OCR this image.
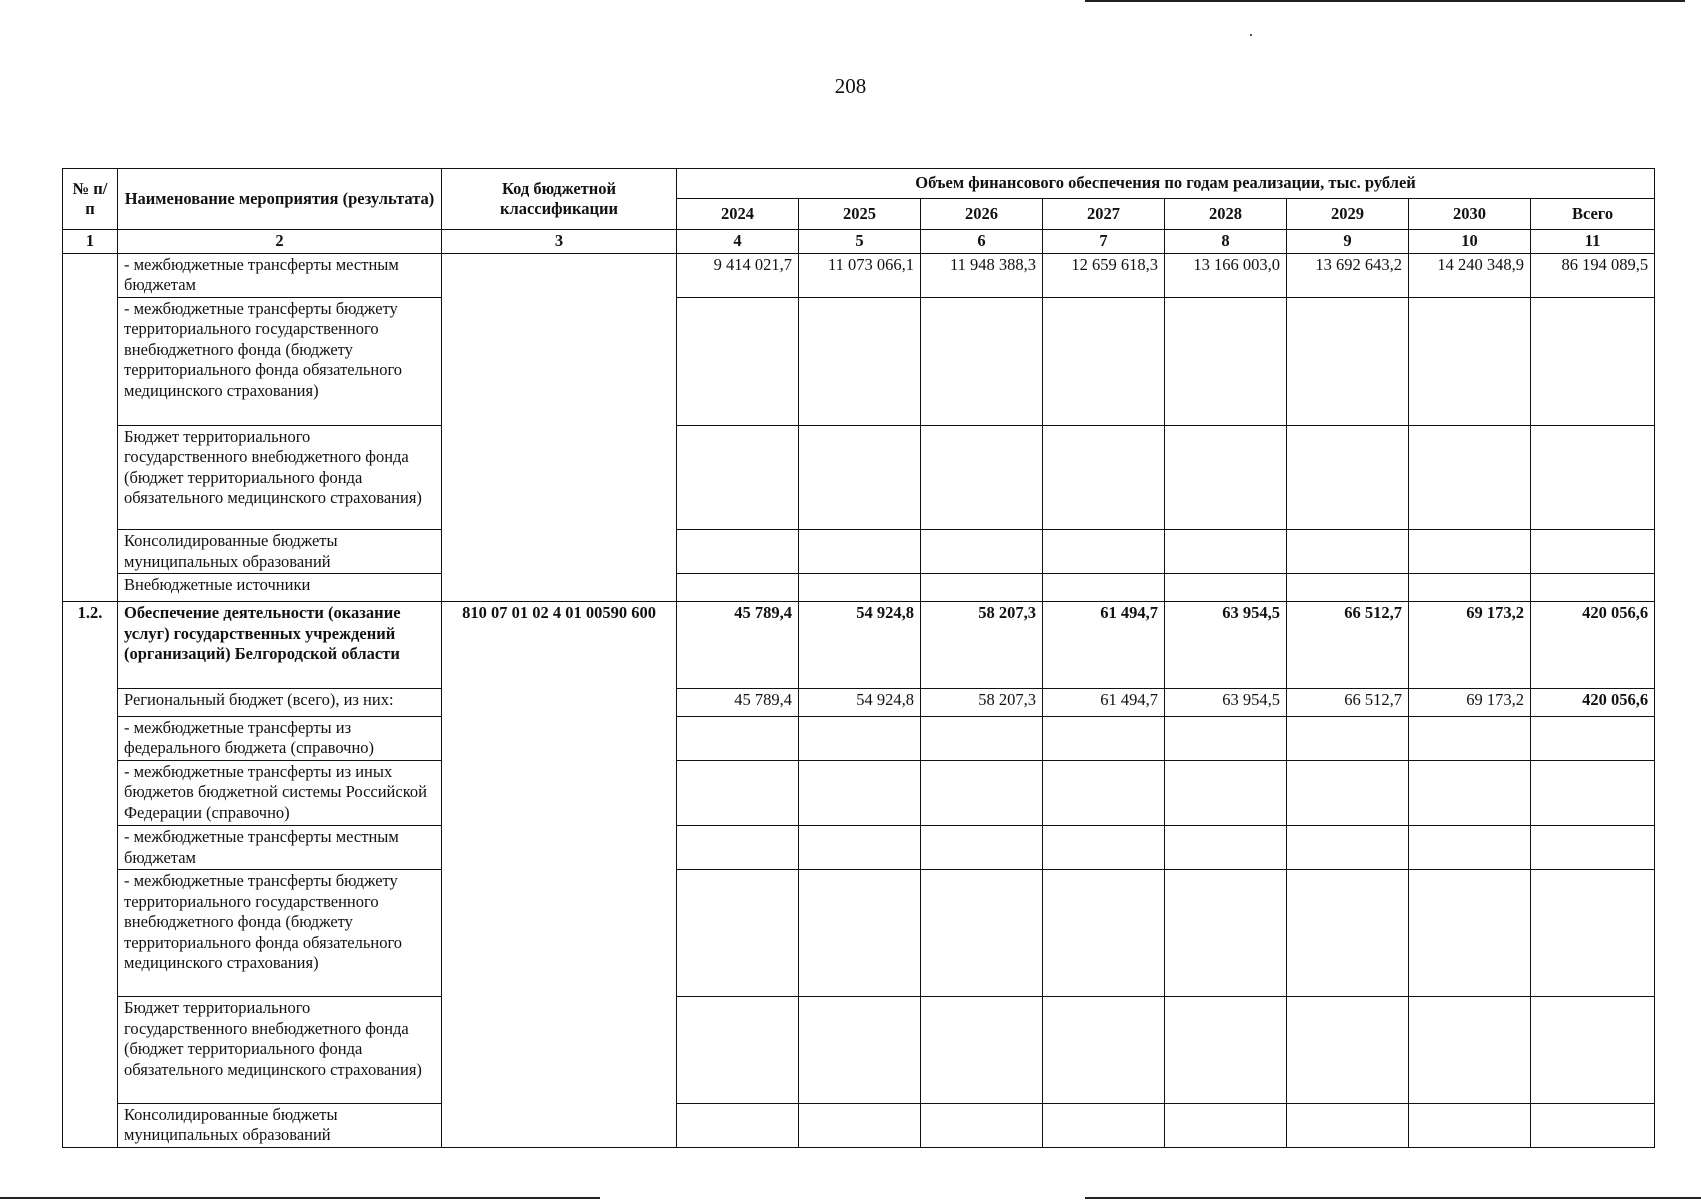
208
№ п/п	Наименование мероприятия (результата)	Код бюджетной классификации	Объем финансового обеспечения по годам реализации, тыс. рублей							
			2024	2025	2026	2027	2028	2029	2030	Всего
1	2	3	4	5	6	7	8	9	10	11
	- межбюджетные трансферты местным бюджетам		9 414 021,7	11 073 066,1	11 948 388,3	12 659 618,3	13 166 003,0	13 692 643,2	14 240 348,9	86 194 089,5
	- межбюджетные трансферты бюджету территориального государственного внебюджетного фонда (бюджету территориального фонда обязательного медицинского страхования)									
	Бюджет территориального государственного внебюджетного фонда (бюджет территориального фонда обязательного медицинского страхования)									
	Консолидированные бюджеты муниципальных образований									
	Внебюджетные источники									
1.2.	Обеспечение деятельности (оказание услуг) государственных учреждений (организаций) Белгородской области	810 07 01 02 4 01 00590 600	45 789,4	54 924,8	58 207,3	61 494,7	63 954,5	66 512,7	69 173,2	420 056,6
	Региональный бюджет (всего), из них:		45 789,4	54 924,8	58 207,3	61 494,7	63 954,5	66 512,7	69 173,2	420 056,6
	- межбюджетные трансферты из федерального бюджета (справочно)									
	- межбюджетные трансферты из иных бюджетов бюджетной системы Российской Федерации (справочно)									
	- межбюджетные трансферты местным бюджетам									
	- межбюджетные трансферты бюджету территориального государственного внебюджетного фонда (бюджету территориального фонда обязательного медицинского страхования)									
	Бюджет территориального государственного внебюджетного фонда (бюджет территориального фонда обязательного медицинского страхования)									
	Консолидированные бюджеты муниципальных образований									
